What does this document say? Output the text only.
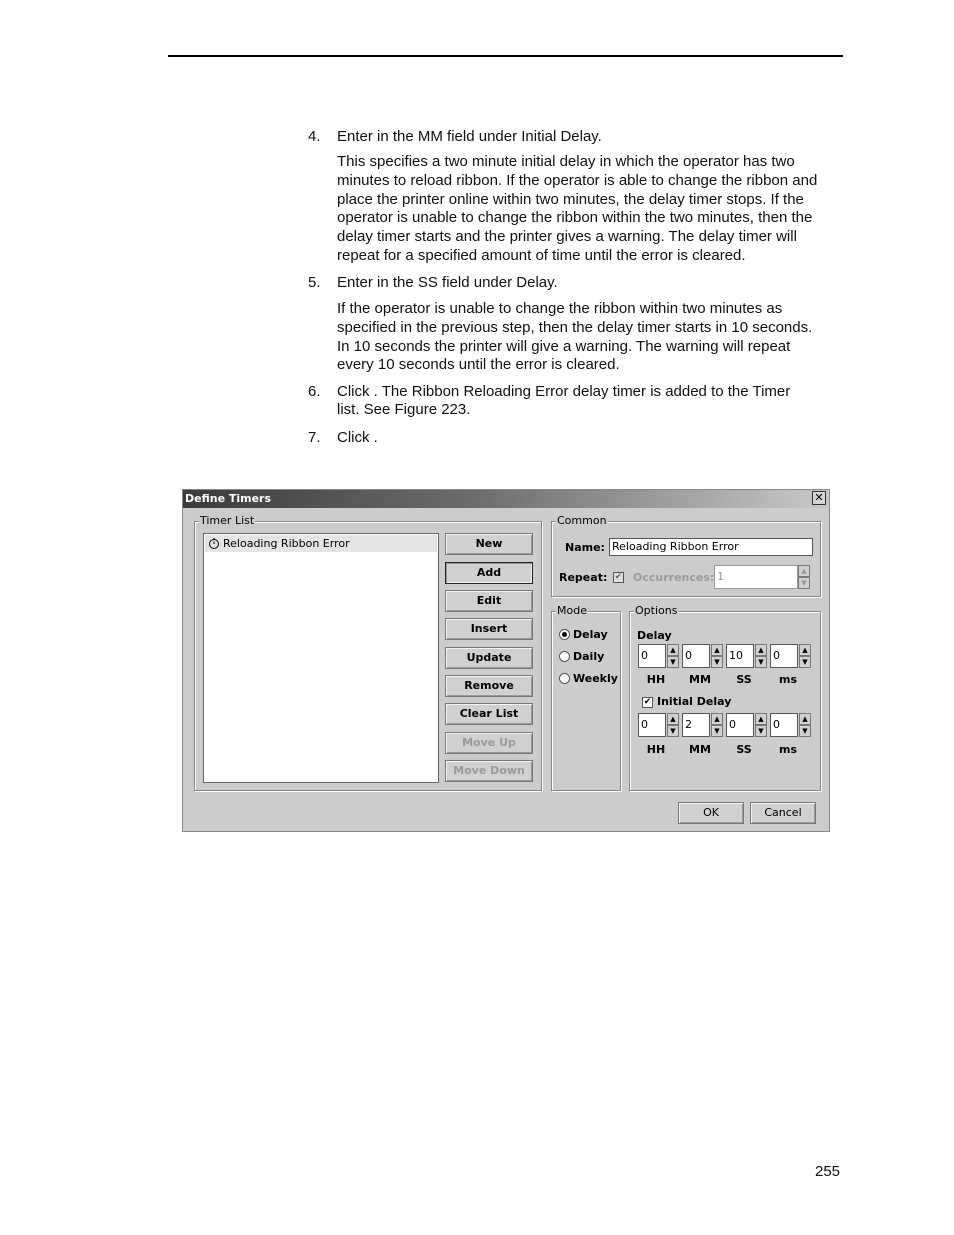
4. Enter in the MM field under Initial Delay.
This specifies a two minute initial delay in which the operator has two
minutes to reload ribbon. If the operator is able to change the ribbon and
place the printer online within two minutes, the delay timer stops. If the
operator is unable to change the ribbon within the two minutes, then the
delay timer starts and the printer gives a warning. The delay timer will
repeat for a specified amount of time until the error is cleared.
5. Enter in the SS field under Delay.
If the operator is unable to change the ribbon within two minutes as
specified in the previous step, then the delay timer starts in 10 seconds.
In 10 seconds the printer will give a warning. The warning will repeat
every 10 seconds until the error is cleared.
6. Click . The Ribbon Reloading Error delay timer is added to the Timer
list. See Figure 223.
7. Click .
Define Timers	✕
Timer List
Reloading Ribbon Error	New
Add
Edit
Insert
Update
Remove
Clear List
Move Up
Move Down
Common
Name: Reloading Ribbon Error
Repeat: ✔ Occurrences: 1	▲
▼
Mode
Delay
Daily
Weekly
Options
Delay
0	▲
▼ 0	▲
▼ 10	▲
▼ 0	▲
▼
HH	MM	SS	ms
✔ Initial Delay
0	▲
▼ 2	▲
▼ 0	▲
▼ 0	▲
▼
HH	MM	SS	ms
OK	Cancel
255
